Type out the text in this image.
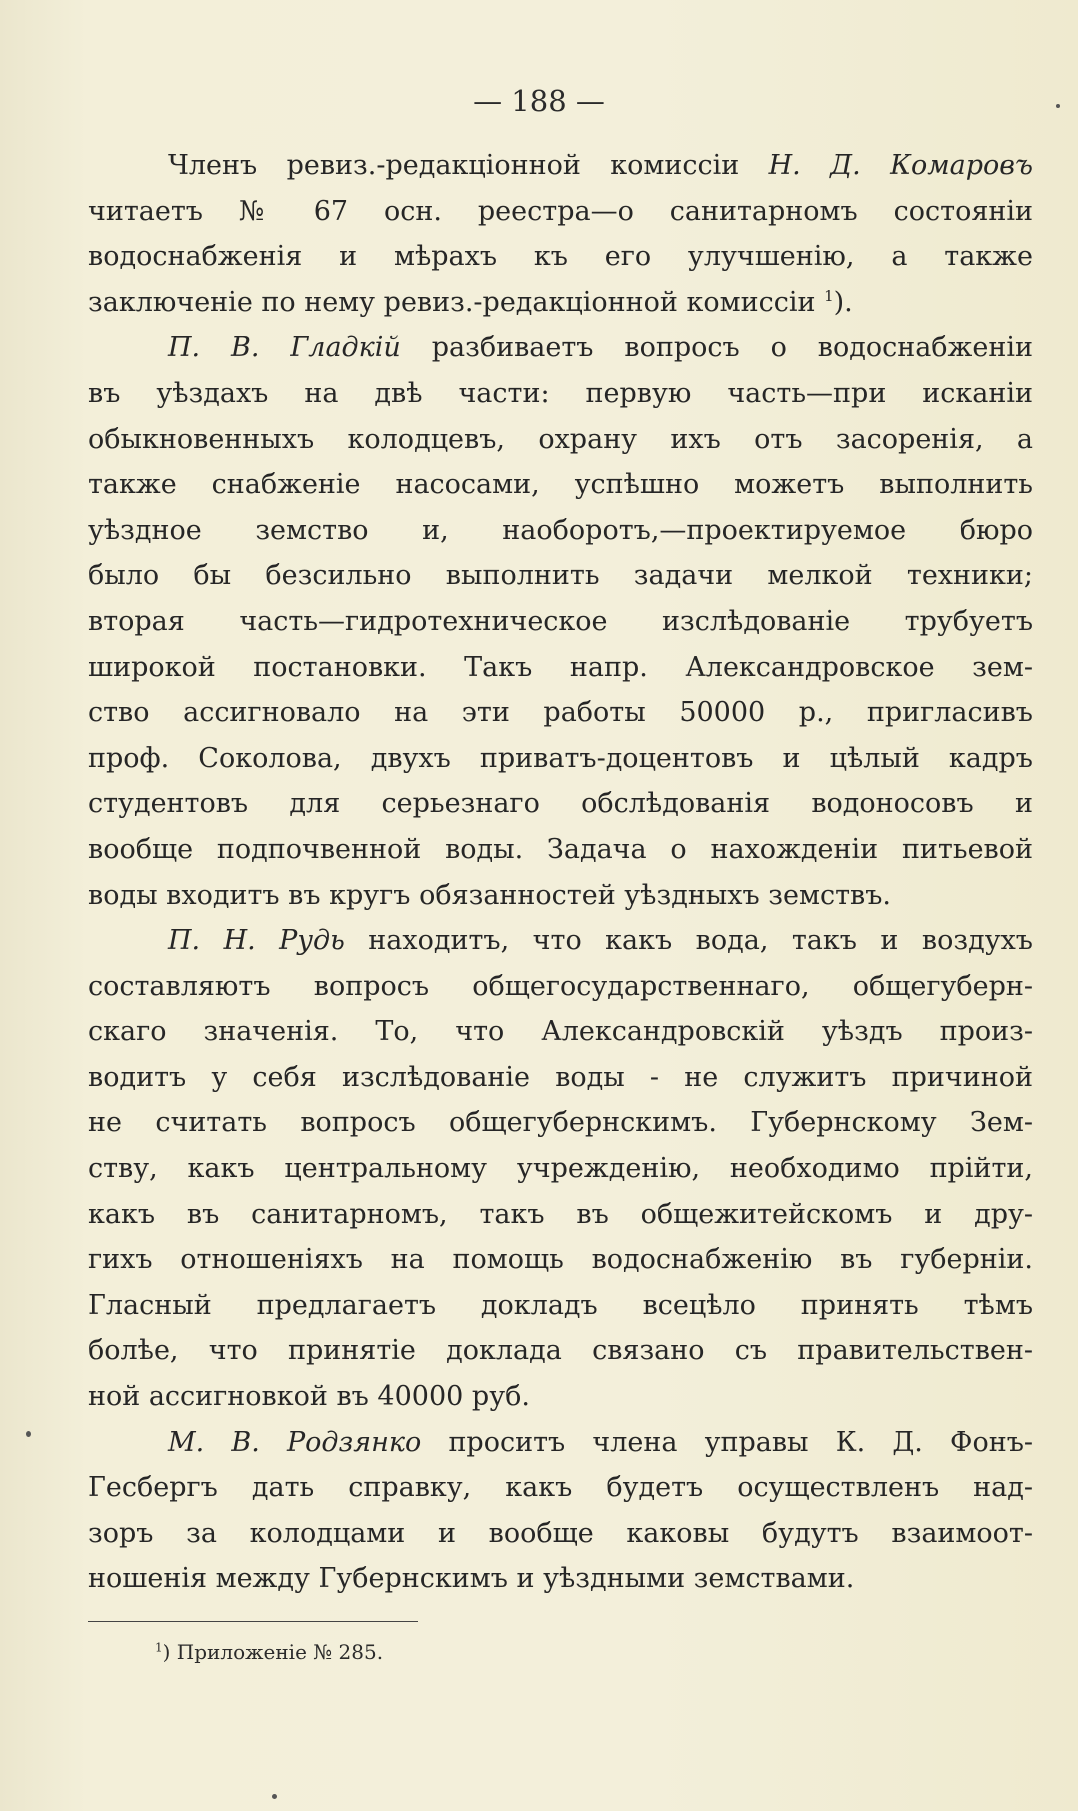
— 188 —
Членъ ревиз.-редакціонной комиссіи Н. Д. Комаровъ
читаетъ № 67 осн. реестра—о санитарномъ состояніи
водоснабженія и мѣрахъ къ его улучшенію, а также
заключеніе по нему ревиз.-редакціонной комиссіи $^1$).
П. В. Гладкій разбиваетъ вопросъ о водоснабженіи
въ уѣздахъ на двѣ части: первую часть—при исканіи
обыкновенныхъ колодцевъ, охрану ихъ отъ засоренія, а
также снабженіе насосами, успѣшно можетъ выполнить
уѣздное земство и, наоборотъ,—проектируемое бюро
было бы безсильно выполнить задачи мелкой техники;
вторая часть—гидротехническое изслѣдованіе трубуетъ
широкой постановки. Такъ напр. Александровское зем-
ство ассигновало на эти работы 50000 р., пригласивъ
проф. Соколова, двухъ приватъ-доцентовъ и цѣлый кадръ
студентовъ для серьезнаго обслѣдованія водоносовъ и
вообще подпочвенной воды. Задача о нахожденіи питьевой
воды входитъ въ кругъ обязанностей уѣздныхъ земствъ.
П. Н. Рудь находитъ, что какъ вода, такъ и воздухъ
составляютъ вопросъ общегосударственнаго, общегуберн-
скаго значенія. То, что Александровскій уѣздъ произ-
водитъ у себя изслѣдованіе воды - не служитъ причиной
не считать вопросъ общегубернскимъ. Губернскому Зем-
ству, какъ центральному учрежденію, необходимо прійти,
какъ въ санитарномъ, такъ въ общежитейскомъ и дру-
гихъ отношеніяхъ на помощь водоснабженію въ губерніи.
Гласный предлагаетъ докладъ всецѣло принять тѣмъ
болѣе, что принятіе доклада связано съ правительствен-
ной ассигновкой въ 40000 руб.
М. В. Родзянко проситъ члена управы К. Д. Фонъ-
Гесбергъ дать справку, какъ будетъ осуществленъ над-
зоръ за колодцами и вообще каковы будутъ взаимоот-
ношенія между Губернскимъ и уѣздными земствами.
$^1$) Приложеніе № 285.
